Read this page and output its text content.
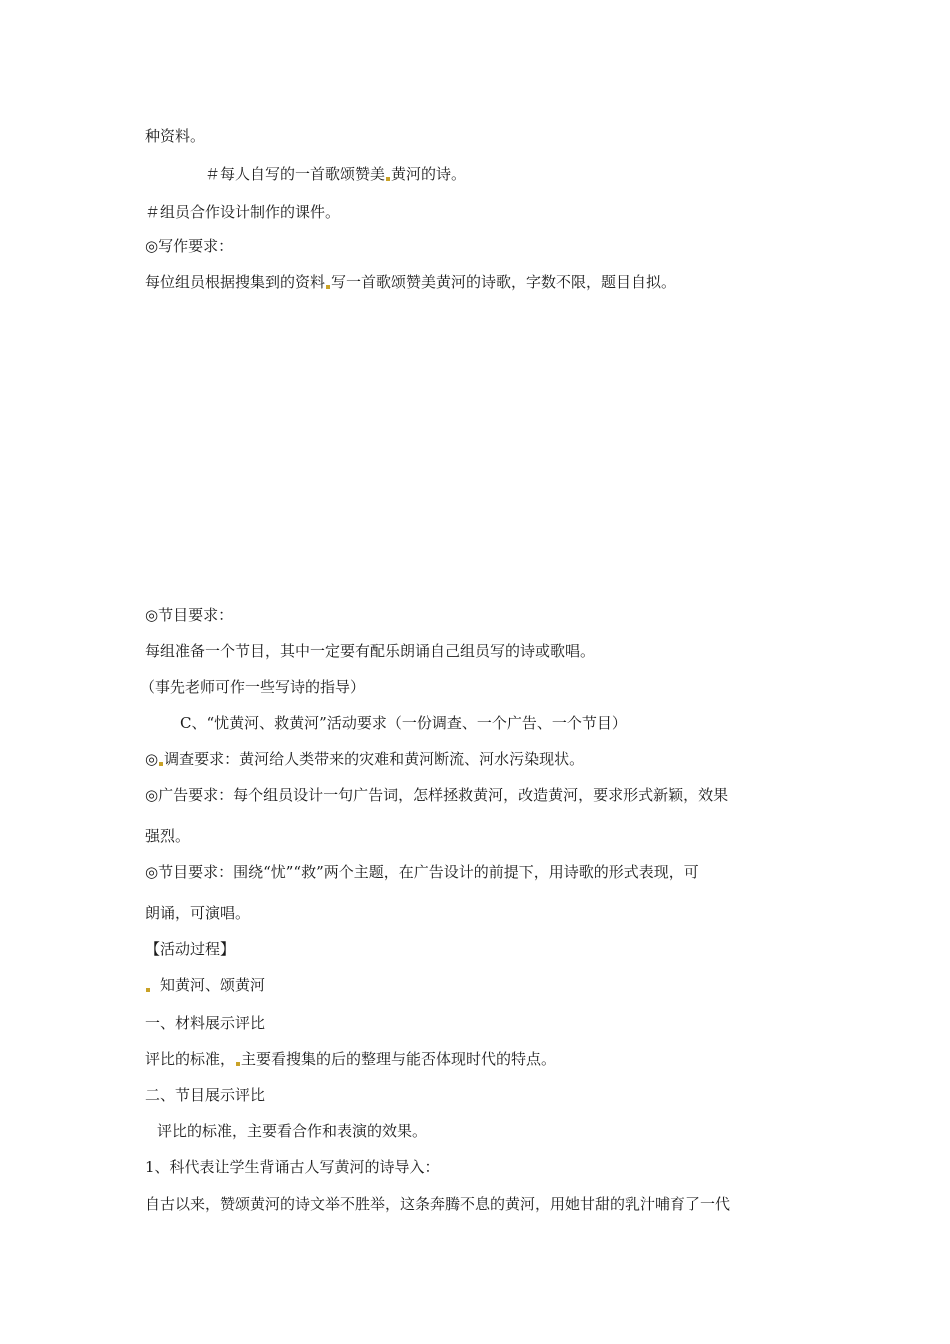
种资料。
＃每人自写的一首歌颂赞美 黄河的诗。
＃组员合作设计制作的课件。
◎写作要求：
每位组员根据搜集到的资料 写一首歌颂赞美黄河的诗歌，字数不限，题目自拟。
◎节目要求：
每组准备一个节目，其中一定要有配乐朗诵自己组员写的诗或歌唱。
（事先老师可作一些写诗的指导）
C、“忧黄河、救黄河”活动要求（一份调查、一个广告、一个节目）
◎ 调查要求：黄河给人类带来的灾难和黄河断流、河水污染现状。
◎广告要求：每个组员设计一句广告词，怎样拯救黄河，改造黄河，要求形式新颖，效果
强烈。
◎节目要求：围绕“忧”“救”两个主题，在广告设计的前提下，用诗歌的形式表现，可
朗诵，可演唱。
【活动过程】
知黄河、颂黄河
一、材料展示评比
评比的标准， 主要看搜集的后的整理与能否体现时代的特点。
二、节目展示评比
评比的标准，主要看合作和表演的效果。
1、科代表让学生背诵古人写黄河的诗导入：
自古以来，赞颂黄河的诗文举不胜举，这条奔腾不息的黄河，用她甘甜的乳汁哺育了一代
